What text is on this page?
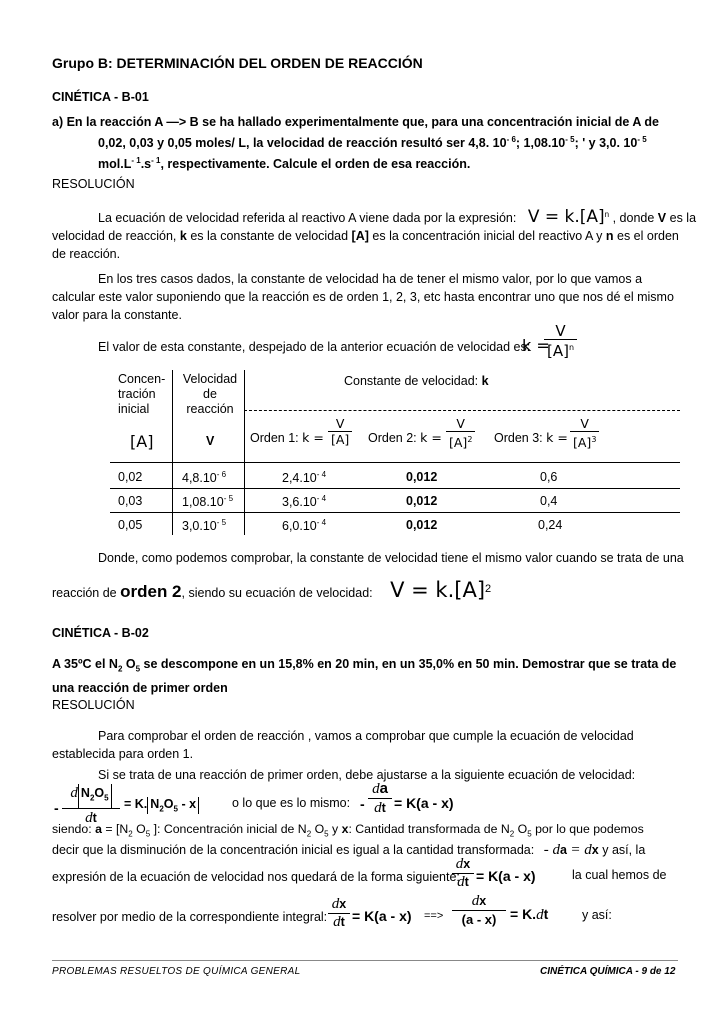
Grupo B: DETERMINACIÓN DEL ORDEN DE REACCIÓN
CINÉTICA - B-01
a) En la reacción A —> B se ha hallado experimentalmente que, para una concentración inicial de A de
0,02, 0,03 y 0,05 moles/ L, la velocidad de reacción resultó ser 4,8. $10^{- 6}$; $1,08.10^{- 5}$; ' y 3,0. $10^{- 5}$
$mol.L^{- 1}.s^{- 1}$, respectivamente. Calcule el orden de esa reacción.
RESOLUCIÓN
La ecuación de velocidad referida al reactivo A viene dada por la expresión: $V = k.[A]^n$ , donde V es la
velocidad de reacción, k es la constante de velocidad [A] es la concentración inicial del reactivo A y n es el orden
de reacción.
En los tres casos dados, la constante de velocidad ha de tener el mismo valor, por lo que vamos a
calcular este valor suponiendo que la reacción es de orden 1, 2, 3, etc hasta encontrar uno que nos dé el mismo
valor para la constante.
El valor de esta constante, despejado de la anterior ecuación de velocidad es:
k =
$\frac{V}{[A]^n}$
Concen-
tración
inicial
Velocidad
de
reacción
Constante de velocidad: k
[A]	V	Orden 1: $k = \frac{V}{[A]}$ Orden 2: $k = \frac{V}{[A]^2}$ Orden 3: $k = \frac{V}{[A]^3}$
0,02	$4,8.10^{- 6}$	$2,4.10^{- 4}$	0,012	0,6
0,03	$1,08.10^{- 5}$	$3,6.10^{- 4}$	0,012	0,4
0,05	$3,0.10^{- 5}$	$6,0.10^{- 4}$	0,012	0,24
Donde, como podemos comprobar, la constante de velocidad tiene el mismo valor cuando se trata de una
reacción de orden 2, siendo su ecuación de velocidad: $V = k.[A]^2$
CINÉTICA - B-02
A 35ºC el $N_2$ $O_5$ se descompone en un 15,8% en 20 min, en un 35,0% en 50 min. Demostrar que se trata de
una reacción de primer orden
RESOLUCIÓN
Para comprobar el orden de reacción , vamos a comprobar que cumple la ecuación de velocidad
establecida para orden 1.
Si se trata de una reacción de primer orden, debe ajustarse a la siguiente ecuación de velocidad:
-
d $N_2O_5$
dt
= K. $N_2O_5$ - x	o lo que es lo mismo: -
da
dt = K(a - x)
siendo: $a = [N_2$ $O_5$ ]: Concentración inicial de $N_2$ $O_5$ y x: Cantidad transformada de $N_2$ $O_5$ por lo que podemos
decir que la disminución de la concentración inicial es igual a la cantidad transformada: - da = dx y así, la
expresión de la ecuación de velocidad nos quedará de la forma siguiente:
dx
dt = K(a - x)	la cual hemos de
resolver por medio de la correspondiente integral:
dx
dt = K(a - x) ==>
dx
(a - x) = K.dt	y así:
PROBLEMAS RESUELTOS DE QUÍMICA GENERAL	CINÉTICA QUÍMICA - 9 de 12
